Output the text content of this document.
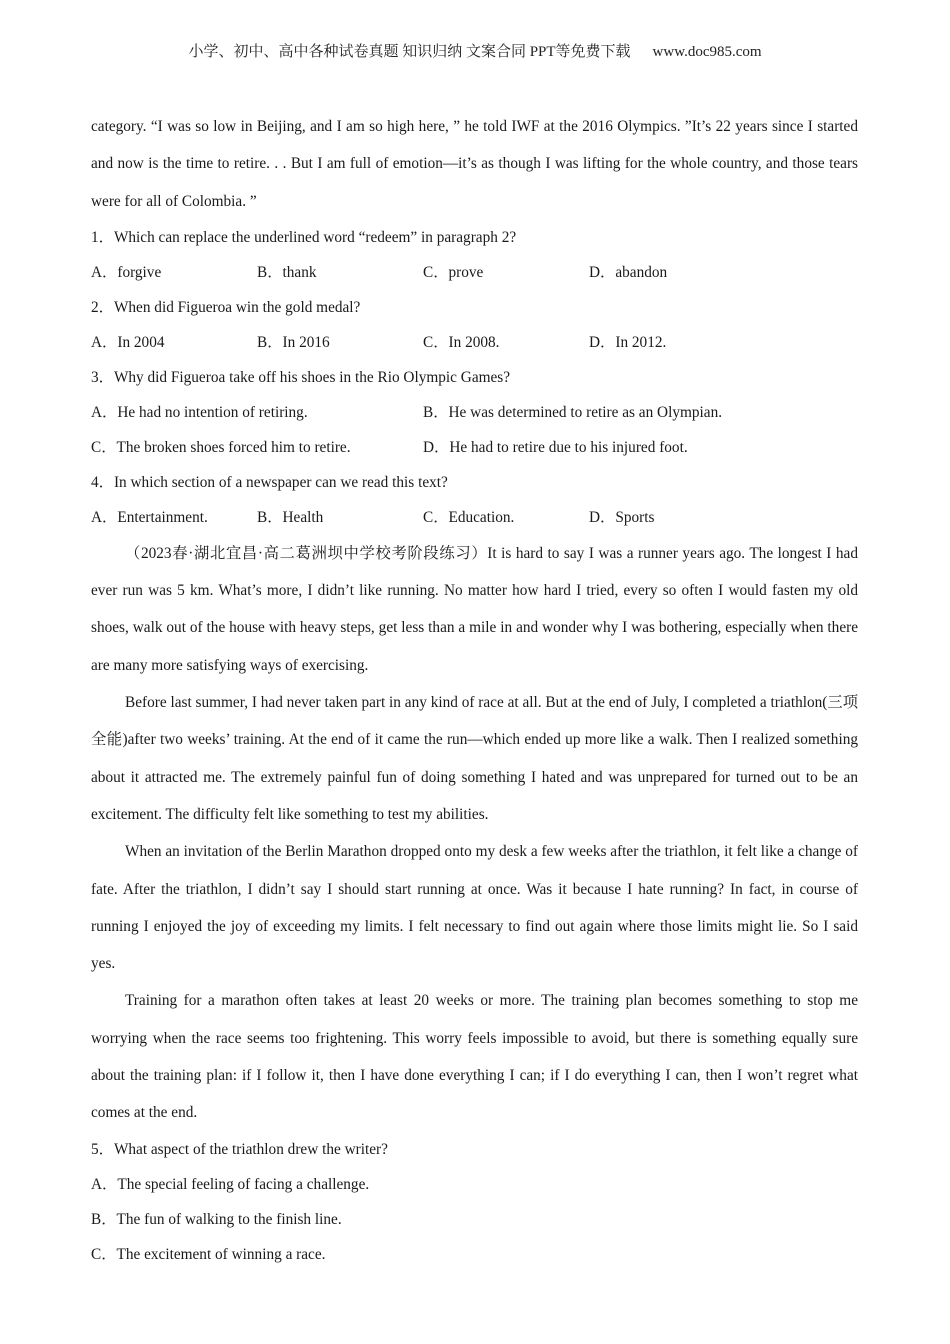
小学、初中、高中各种试卷真题 知识归纳 文案合同 PPT等免费下载 www.doc985.com

category. “I was so low in Beijing, and I am so high here, ” he told IWF at the 2016 Olympics. ”It’s 22 years since I started and now is the time to retire. . . But I am full of emotion—it’s as though I was lifting for the whole country, and those tears were for all of Colombia. ”

1．Which can replace the underlined word “redeem” in paragraph 2?

A．forgive	B．thank	C．prove	D．abandon

2．When did Figueroa win the gold medal?

A．In 2004	B．In 2016	C．In 2008.	D．In 2012.

3．Why did Figueroa take off his shoes in the Rio Olympic Games?

A．He had no intention of retiring.	B．He was determined to retire as an Olympian.
C．The broken shoes forced him to retire.	D．He had to retire due to his injured foot.

4．In which section of a newspaper can we read this text?

A．Entertainment.	B．Health	C．Education.	D．Sports

（2023春·湖北宜昌·高二葛洲坝中学校考阶段练习）It is hard to say I was a runner years ago. The longest I had ever run was 5 km. What’s more, I didn’t like running. No matter how hard I tried, every so often I would fasten my old shoes, walk out of the house with heavy steps, get less than a mile in and wonder why I was bothering, especially when there are many more satisfying ways of exercising.

Before last summer, I had never taken part in any kind of race at all. But at the end of July, I completed a triathlon(三项全能)after two weeks’ training. At the end of it came the run—which ended up more like a walk. Then I realized something about it attracted me. The extremely painful fun of doing something I hated and was unprepared for turned out to be an excitement. The difficulty felt like something to test my abilities.

When an invitation of the Berlin Marathon dropped onto my desk a few weeks after the triathlon, it felt like a change of fate. After the triathlon, I didn’t say I should start running at once. Was it because I hate running? In fact, in course of running I enjoyed the joy of exceeding my limits. I felt necessary to find out again where those limits might lie. So I said yes.

Training for a marathon often takes at least 20 weeks or more. The training plan becomes something to stop me worrying when the race seems too frightening. This worry feels impossible to avoid, but there is something equally sure about the training plan: if I follow it, then I have done everything I can; if I do everything I can, then I won’t regret what comes at the end.

5．What aspect of the triathlon drew the writer?

A．The special feeling of facing a challenge.

B．The fun of walking to the finish line.

C．The excitement of winning a race.
